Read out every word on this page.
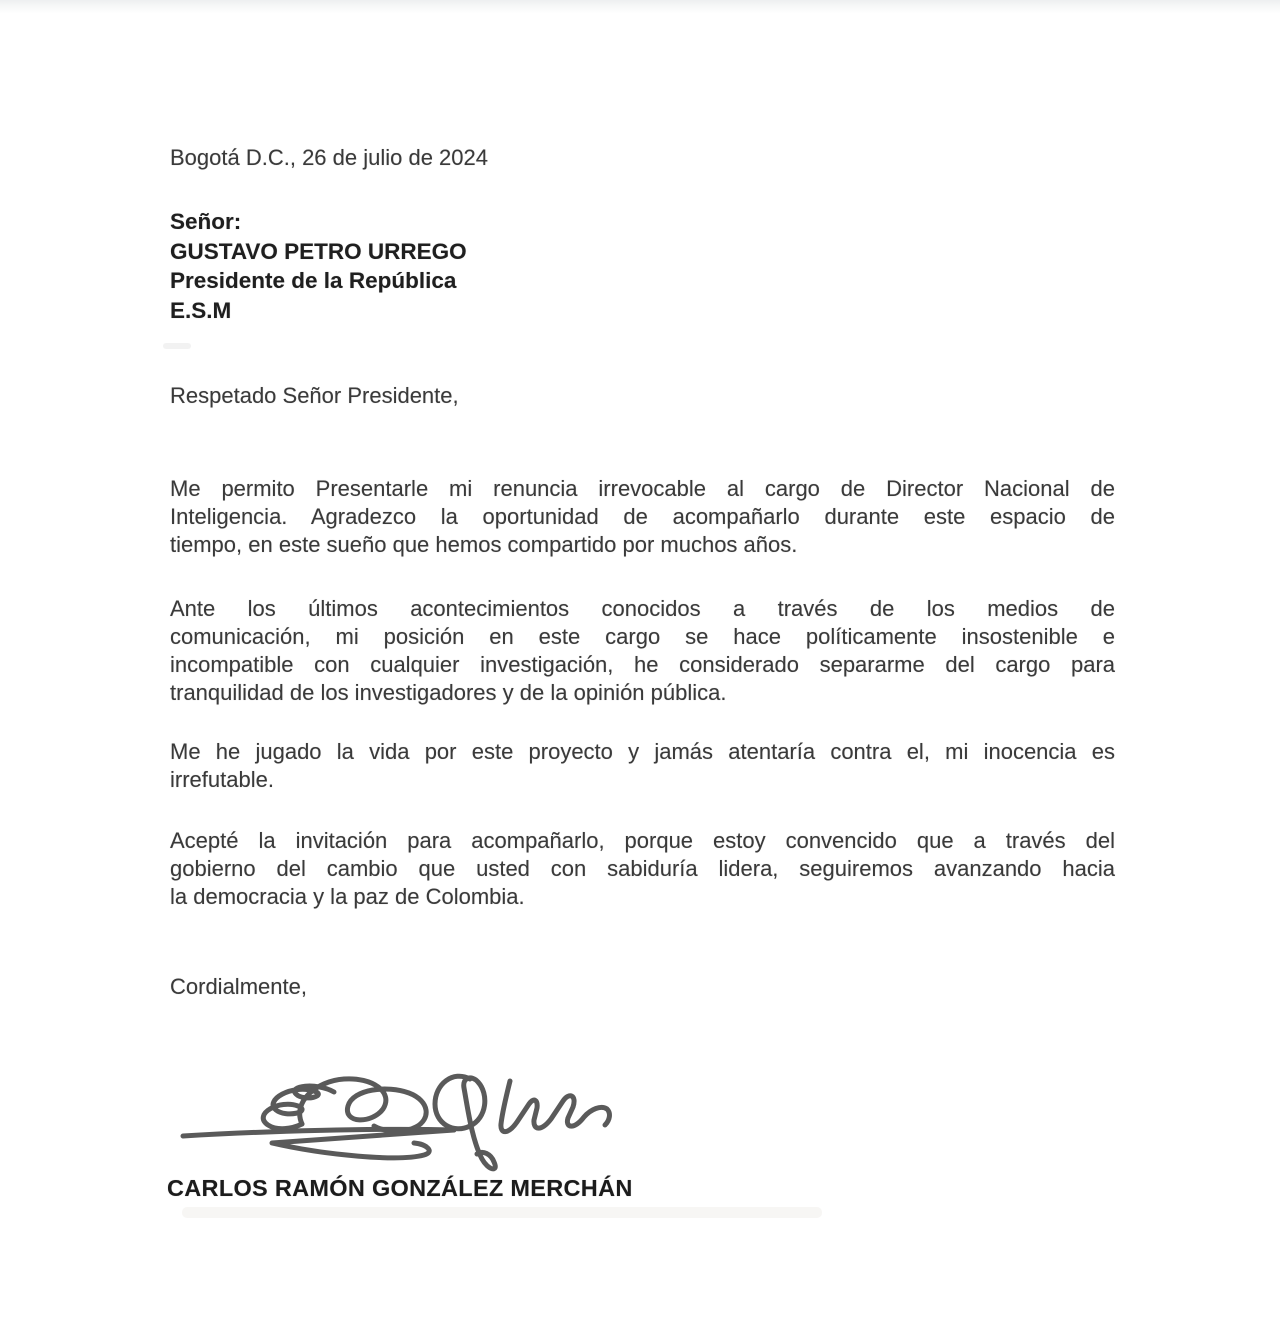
Bogotá D.C., 26 de julio de 2024
Señor:
GUSTAVO PETRO URREGO
Presidente de la República
E.S.M
Respetado Señor Presidente,
Me permito Presentarle mi renuncia irrevocable al cargo de Director Nacional de
Inteligencia. Agradezco la oportunidad de acompañarlo durante este espacio de
tiempo, en este sueño que hemos compartido por muchos años.
Ante los últimos acontecimientos conocidos a través de los medios de
comunicación, mi posición en este cargo se hace políticamente insostenible e
incompatible con cualquier investigación, he considerado separarme del cargo para
tranquilidad de los investigadores y de la opinión pública.
Me he jugado la vida por este proyecto y jamás atentaría contra el, mi inocencia es
irrefutable.
Acepté la invitación para acompañarlo, porque estoy convencido que a través del
gobierno del cambio que usted con sabiduría lidera, seguiremos avanzando hacia
la democracia y la paz de Colombia.
Cordialmente,
CARLOS RAMÓN GONZÁLEZ MERCHÁN
